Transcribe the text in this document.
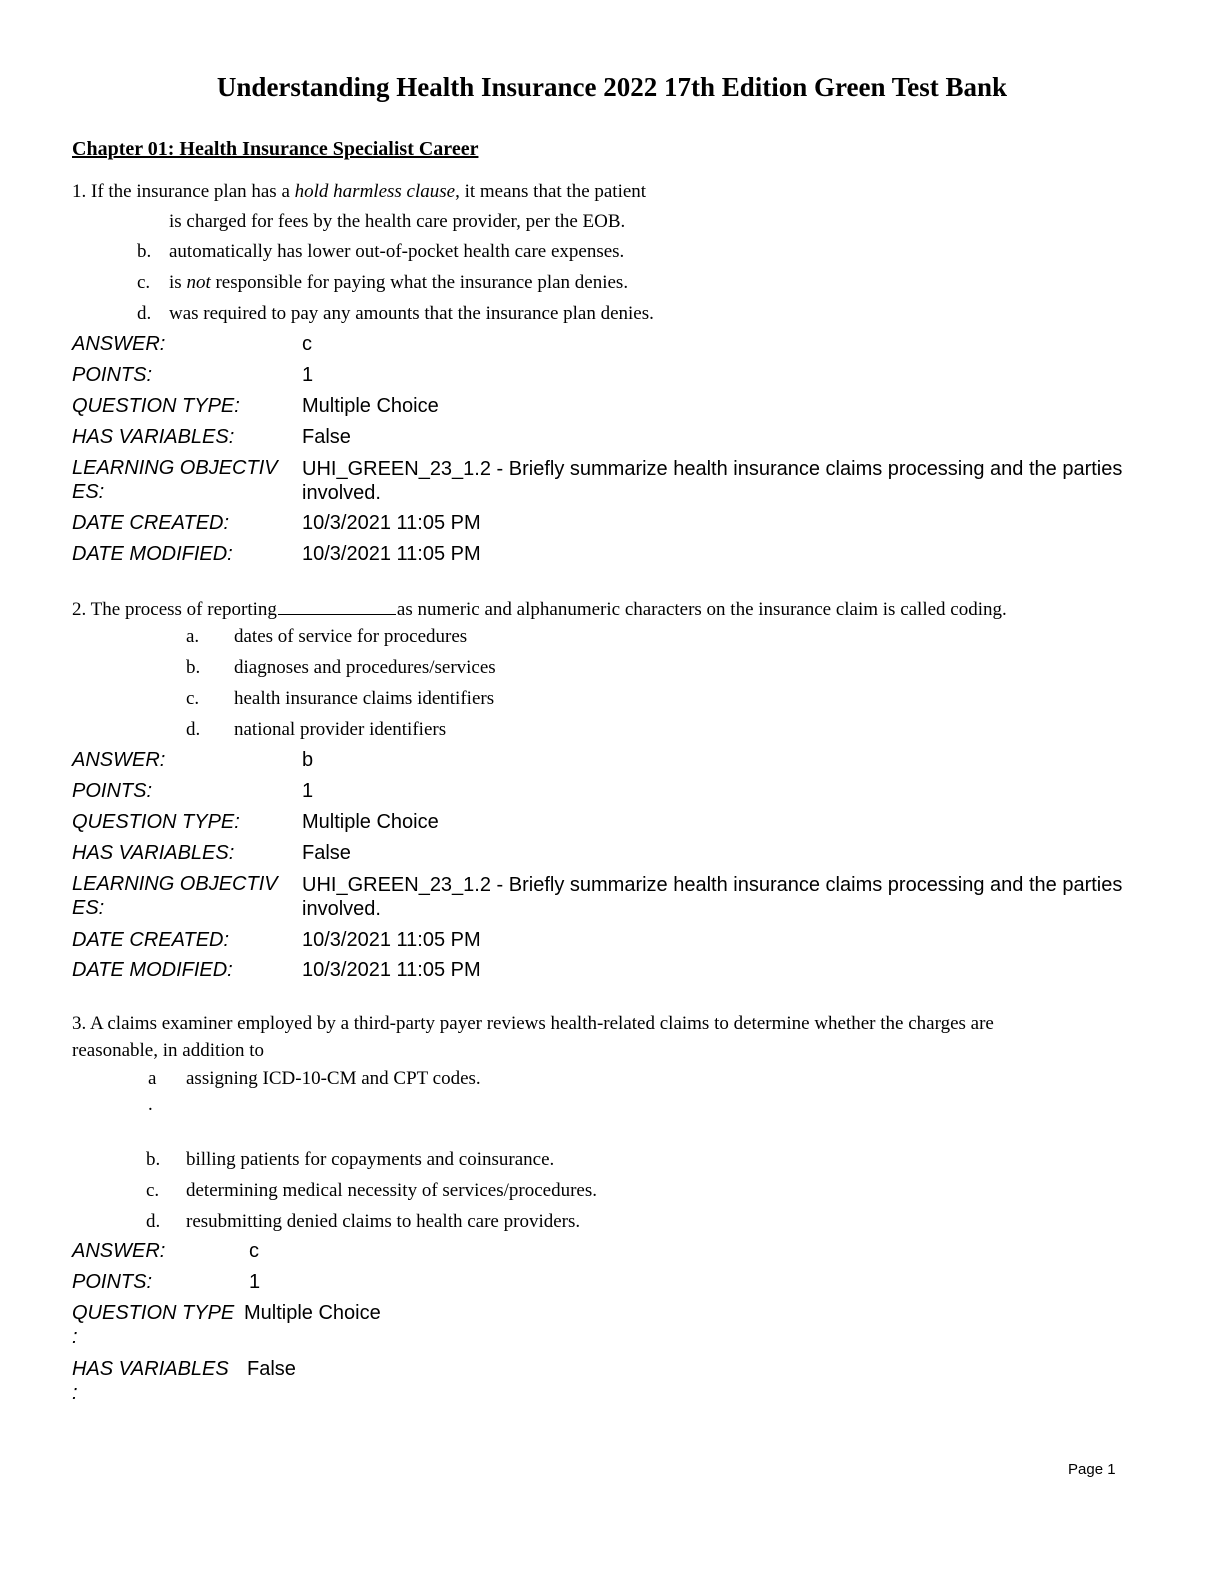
Understanding Health Insurance 2022 17th Edition Green Test Bank
Chapter 01: Health Insurance Specialist Career
1. If the insurance plan has a hold harmless clause, it means that the patient
is charged for fees by the health care provider, per the EOB.
b. automatically has lower out-of-pocket health care expenses.
c. is not responsible for paying what the insurance plan denies.
d. was required to pay any amounts that the insurance plan denies.
ANSWER:	c
POINTS:	1
QUESTION TYPE:	Multiple Choice
HAS VARIABLES:	False
LEARNING OBJECTIV
ES:
UHI_GREEN_23_1.2 - Briefly summarize health insurance claims processing and the parties involved.
DATE CREATED:	10/3/2021 11:05 PM
DATE MODIFIED:	10/3/2021 11:05 PM
2. The process of reporting	as numeric and alphanumeric characters on the insurance claim is called coding.
a. dates of service for procedures
b. diagnoses and procedures/services
c. health insurance claims identifiers
d. national provider identifiers
ANSWER:	b
POINTS:	1
QUESTION TYPE:	Multiple Choice
HAS VARIABLES:	False
LEARNING OBJECTIV
ES:
UHI_GREEN_23_1.2 - Briefly summarize health insurance claims processing and the parties involved.
DATE CREATED:	10/3/2021 11:05 PM
DATE MODIFIED:	10/3/2021 11:05 PM
3. A claims examiner employed by a third-party payer reviews health-related claims to determine whether the charges are
reasonable, in addition to
a
.
assigning ICD-10-CM and CPT codes.
b. billing patients for copayments and coinsurance.
c. determining medical necessity of services/procedures.
d. resubmitting denied claims to health care providers.
ANSWER:	c
POINTS:	1
QUESTION TYPE Multiple Choice
:
HAS VARIABLES False
:
Page 1
